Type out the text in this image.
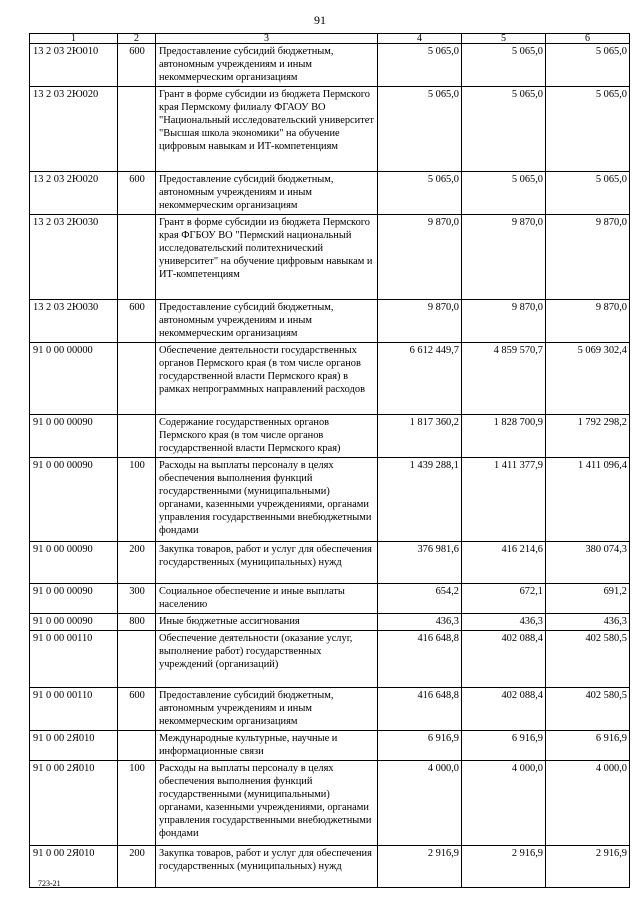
91
1	2	3	4	5	6
13 2 03 2Ю010	600	Предоставление субсидий бюджетным, автономным учреждениям и иным некоммерческим организациям	5 065,0	5 065,0	5 065,0
13 2 03 2Ю020		Грант в форме субсидии из бюджета Пермского края Пермскому филиалу ФГАОУ ВО "Национальный исследовательский университет "Высшая школа экономики" на обучение цифровым навыкам и ИТ-компетенциям	5 065,0	5 065,0	5 065,0
13 2 03 2Ю020	600	Предоставление субсидий бюджетным, автономным учреждениям и иным некоммерческим организациям	5 065,0	5 065,0	5 065,0
13 2 03 2Ю030		Грант в форме субсидии из бюджета Пермского края ФГБОУ ВО "Пермский национальный исследовательский политехнический университет" на обучение цифровым навыкам и ИТ-компетенциям	9 870,0	9 870,0	9 870,0
13 2 03 2Ю030	600	Предоставление субсидий бюджетным, автономным учреждениям и иным некоммерческим организациям	9 870,0	9 870,0	9 870,0
91 0 00 00000		Обеспечение деятельности государственных органов Пермского края (в том числе органов государственной власти Пермского края) в рамках непрограммных направлений расходов	6 612 449,7	4 859 570,7	5 069 302,4
91 0 00 00090		Содержание государственных органов Пермского края (в том числе органов государственной власти Пермского края)	1 817 360,2	1 828 700,9	1 792 298,2
91 0 00 00090	100	Расходы на выплаты персоналу в целях обеспечения выполнения функций государственными (муниципальными) органами, казенными учреждениями, органами управления государственными внебюджетными фондами	1 439 288,1	1 411 377,9	1 411 096,4
91 0 00 00090	200	Закупка товаров, работ и услуг для обеспечения государственных (муниципальных) нужд	376 981,6	416 214,6	380 074,3
91 0 00 00090	300	Социальное обеспечение и иные выплаты населению	654,2	672,1	691,2
91 0 00 00090	800	Иные бюджетные ассигнования	436,3	436,3	436,3
91 0 00 00110		Обеспечение деятельности (оказание услуг, выполнение работ) государственных учреждений (организаций)	416 648,8	402 088,4	402 580,5
91 0 00 00110	600	Предоставление субсидий бюджетным, автономным учреждениям и иным некоммерческим организациям	416 648,8	402 088,4	402 580,5
91 0 00 2Я010		Международные культурные, научные и информационные связи	6 916,9	6 916,9	6 916,9
91 0 00 2Я010	100	Расходы на выплаты персоналу в целях обеспечения выполнения функций государственными (муниципальными) органами, казенными учреждениями, органами управления государственными внебюджетными фондами	4 000,0	4 000,0	4 000,0
91 0 00 2Я010	200	Закупка товаров, работ и услуг для обеспечения государственных (муниципальных) нужд	2 916,9	2 916,9	2 916,9
723-21
